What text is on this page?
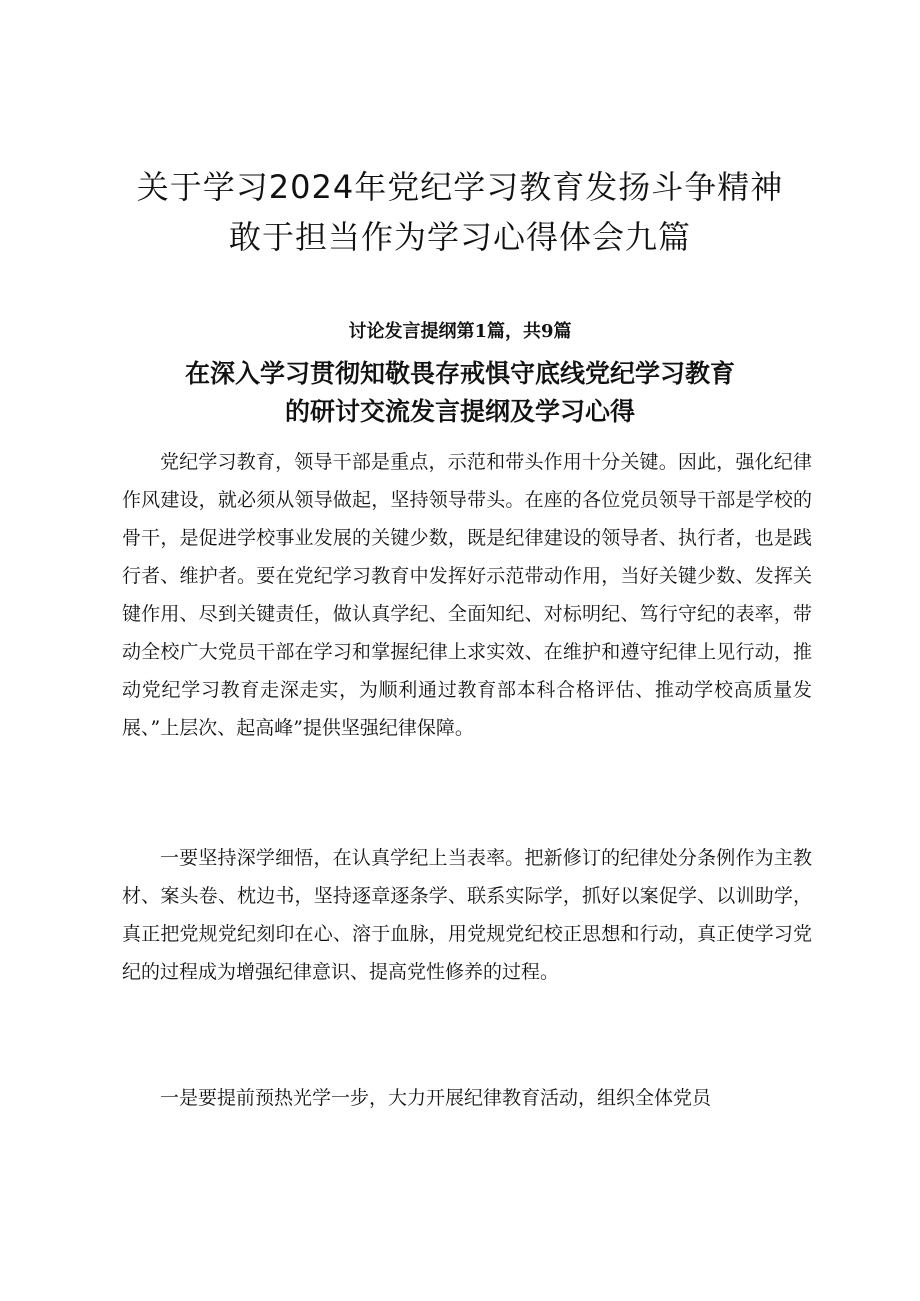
关于学习2024年党纪学习教育发扬斗争精神
敢于担当作为学习心得体会九篇
讨论发言提纲第1篇，共9篇
在深入学习贯彻知敬畏存戒惧守底线党纪学习教育
的研讨交流发言提纲及学习心得

党纪学习教育，领导干部是重点，示范和带头作用十分关键。因此，强化纪律作风建设，就必须从领导做起，坚持领导带头。在座的各位党员领导干部是学校的骨干，是促进学校事业发展的关键少数，既是纪律建设的领导者、执行者，也是践行者、维护者。要在党纪学习教育中发挥好示范带动作用，当好关键少数、发挥关键作用、尽到关键责任，做认真学纪、全面知纪、对标明纪、笃行守纪的表率，带动全校广大党员干部在学习和掌握纪律上求实效、在维护和遵守纪律上见行动，推动党纪学习教育走深走实，为顺利通过教育部本科合格评估、推动学校高质量发展、”上层次、起高峰”提供坚强纪律保障。

一要坚持深学细悟，在认真学纪上当表率。把新修订的纪律处分条例作为主教材、案头卷、枕边书，坚持逐章逐条学、联系实际学，抓好以案促学、以训助学，真正把党规党纪刻印在心、溶于血脉，用党规党纪校正思想和行动，真正使学习党纪的过程成为增强纪律意识、提高党性修养的过程。

一是要提前预热光学一步，大力开展纪律教育活动，组织全体党员
